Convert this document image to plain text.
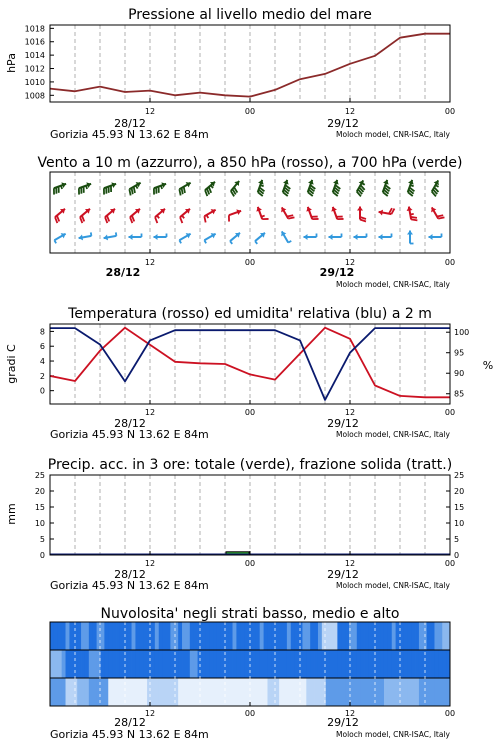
Pressione al livello medio del mare
hPa
1008
1010
1012
1014
1016
1018
12	00	12	00
28/12	29/12
Gorizia 45.93 N 13.62 E 84m	Moloch model, CNR-ISAC, Italy
Vento a 10 m (azzurro), a 850 hPa (rosso), a 700 hPa (verde)
12	00	12	00
28/12	29/12
Moloch model, CNR-ISAC, Italy
Temperatura (rosso) ed umidita' relativa (blu) a 2 m
gradi C	%
0
2
4
6
8
85
90
95
100
12	00	12	00
28/12	29/12
Gorizia 45.93 N 13.62 E 84m	Moloch model, CNR-ISAC, Italy
Precip. acc. in 3 ore: totale (verde), frazione solida (tratt.)
mm
0
5
10
15
20
25
0
5
10
15
20
25
12	00	12	00
28/12	29/12
Gorizia 45.93 N 13.62 E 84m	Moloch model, CNR-ISAC, Italy
Nuvolosita' negli strati basso, medio e alto
12	00	12	00
28/12	29/12
Gorizia 45.93 N 13.62 E 84m	Moloch model, CNR-ISAC, Italy
